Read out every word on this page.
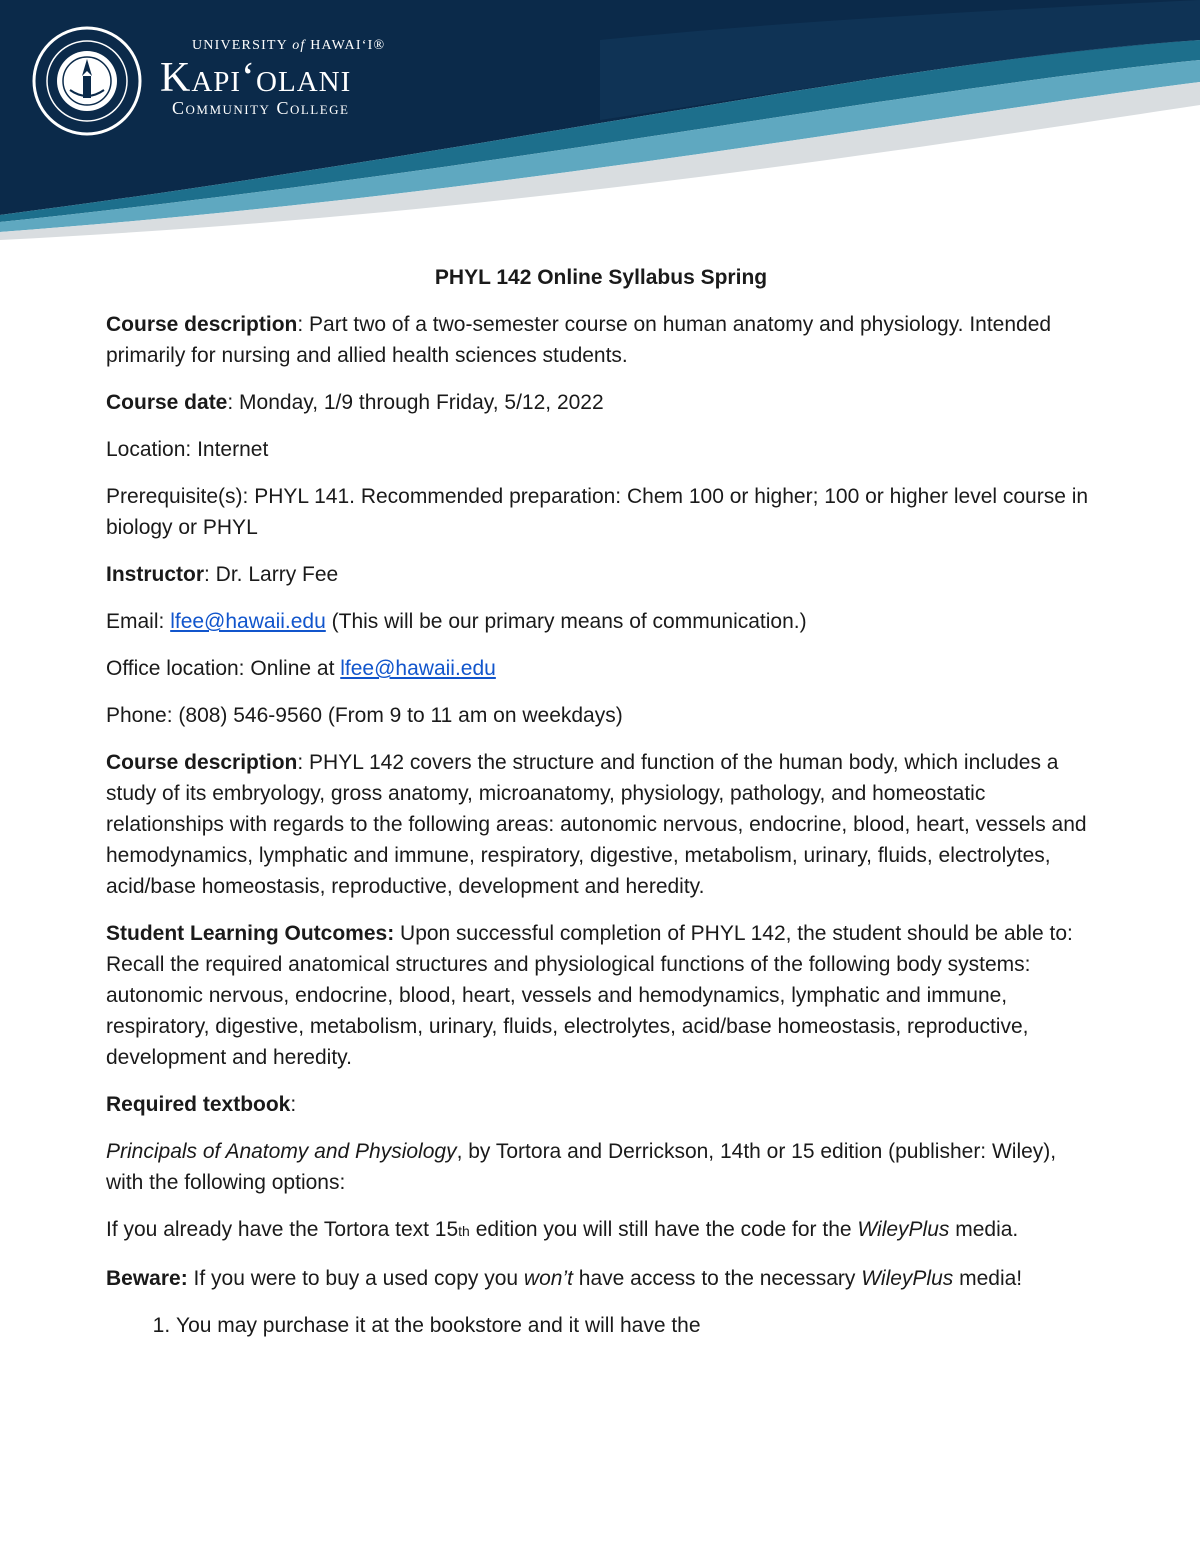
UNIVERSITY of HAWAI‘I®
Kapi‘olani
Community College
PHYL 142 Online Syllabus Spring

Course description: Part two of a two-semester course on human anatomy and physiology. Intended primarily for nursing and allied health sciences students.

Course date: Monday, 1/9 through Friday, 5/12, 2022

Location: Internet

Prerequisite(s): PHYL 141. Recommended preparation: Chem 100 or higher; 100 or higher level course in biology or PHYL

Instructor: Dr. Larry Fee

Email: lfee@hawaii.edu (This will be our primary means of communication.)

Office location: Online at lfee@hawaii.edu

Phone: (808) 546-9560 (From 9 to 11 am on weekdays)

Course description: PHYL 142 covers the structure and function of the human body, which includes a study of its embryology, gross anatomy, microanatomy, physiology, pathology, and homeostatic relationships with regards to the following areas: autonomic nervous, endocrine, blood, heart, vessels and hemodynamics, lymphatic and immune, respiratory, digestive, metabolism, urinary, fluids, electrolytes, acid/base homeostasis, reproductive, development and heredity.

Student Learning Outcomes: Upon successful completion of PHYL 142, the student should be able to: Recall the required anatomical structures and physiological functions of the following body systems: autonomic nervous, endocrine, blood, heart, vessels and hemodynamics, lymphatic and immune, respiratory, digestive, metabolism, urinary, fluids, electrolytes, acid/base homeostasis, reproductive, development and heredity.

Required textbook:

Principals of Anatomy and Physiology, by Tortora and Derrickson, 14th or 15 edition (publisher: Wiley), with the following options:

If you already have the Tortora text 15th edition you will still have the code for the WileyPlus media.

Beware: If you were to buy a used copy you won’t have access to the necessary WileyPlus media!

1. You may purchase it at the bookstore and it will have the
